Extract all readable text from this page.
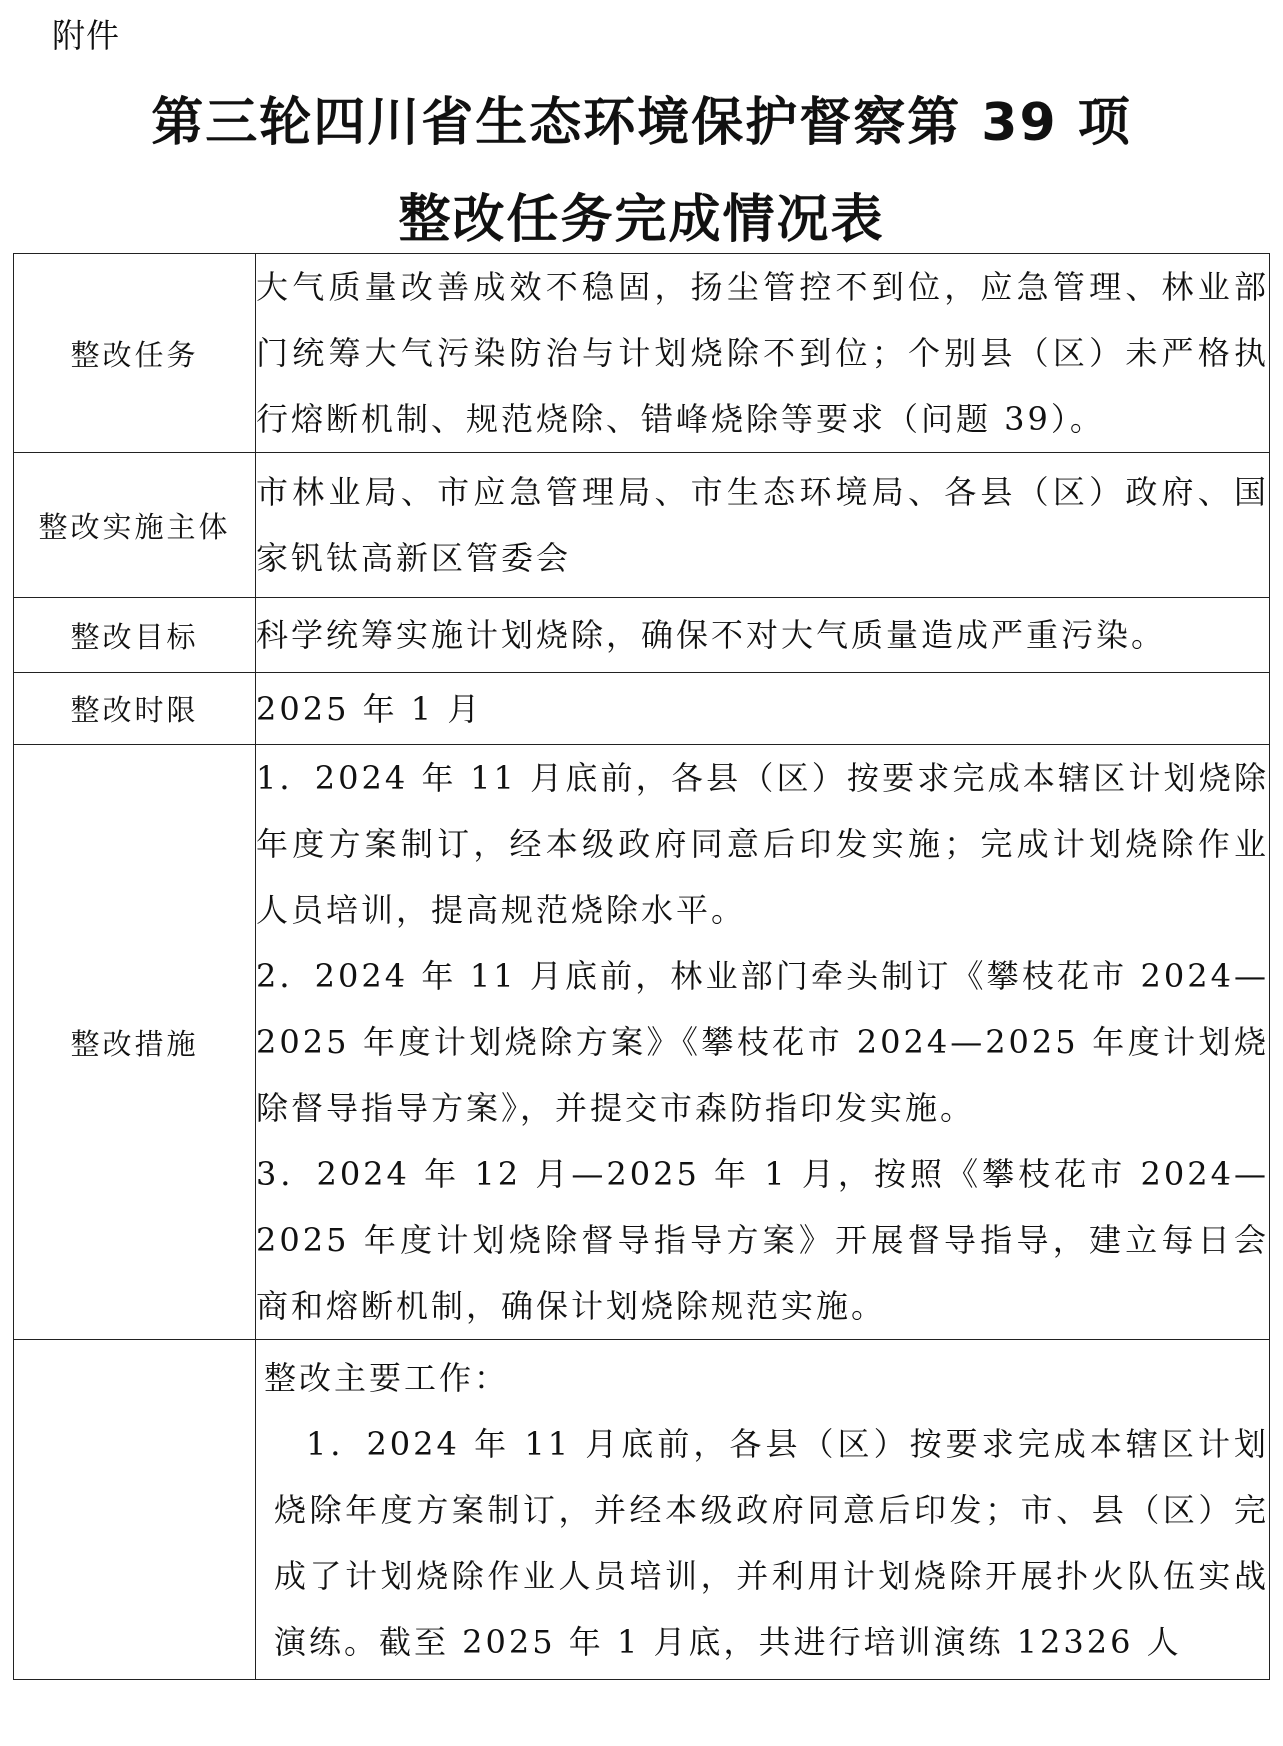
附件
第三轮四川省生态环境保护督察第 39 项
整改任务完成情况表
整改任务	大气质量改善成效不稳固，扬尘管控不到位，应急管理、林业部门统筹大气污染防治与计划烧除不到位；个别县（区）未严格执行熔断机制、规范烧除、错峰烧除等要求（问题 39）。
整改实施主体	市林业局、市应急管理局、市生态环境局、各县（区）政府、国家钒钛高新区管委会
整改目标	科学统筹实施计划烧除，确保不对大气质量造成严重污染。
整改时限	2025 年 1 月
整改措施	1．2024 年 11 月底前，各县（区）按要求完成本辖区计划烧除年度方案制订，经本级政府同意后印发实施；完成计划烧除作业人员培训，提高规范烧除水平。
2．2024 年 11 月底前，林业部门牵头制订《攀枝花市 2024—2025 年度计划烧除方案》《攀枝花市 2024—2025 年度计划烧除督导指导方案》，并提交市森防指印发实施。
3．2024 年 12 月—2025 年 1 月，按照《攀枝花市 2024—2025 年度计划烧除督导指导方案》开展督导指导，建立每日会商和熔断机制，确保计划烧除规范实施。

	整改主要工作：
1．2024 年 11 月底前，各县（区）按要求完成本辖区计划烧除年度方案制订，并经本级政府同意后印发；市、县（区）完成了计划烧除作业人员培训，并利用计划烧除开展扑火队伍实战演练。截至 2025 年 1 月底，共进行培训演练 12326 人
